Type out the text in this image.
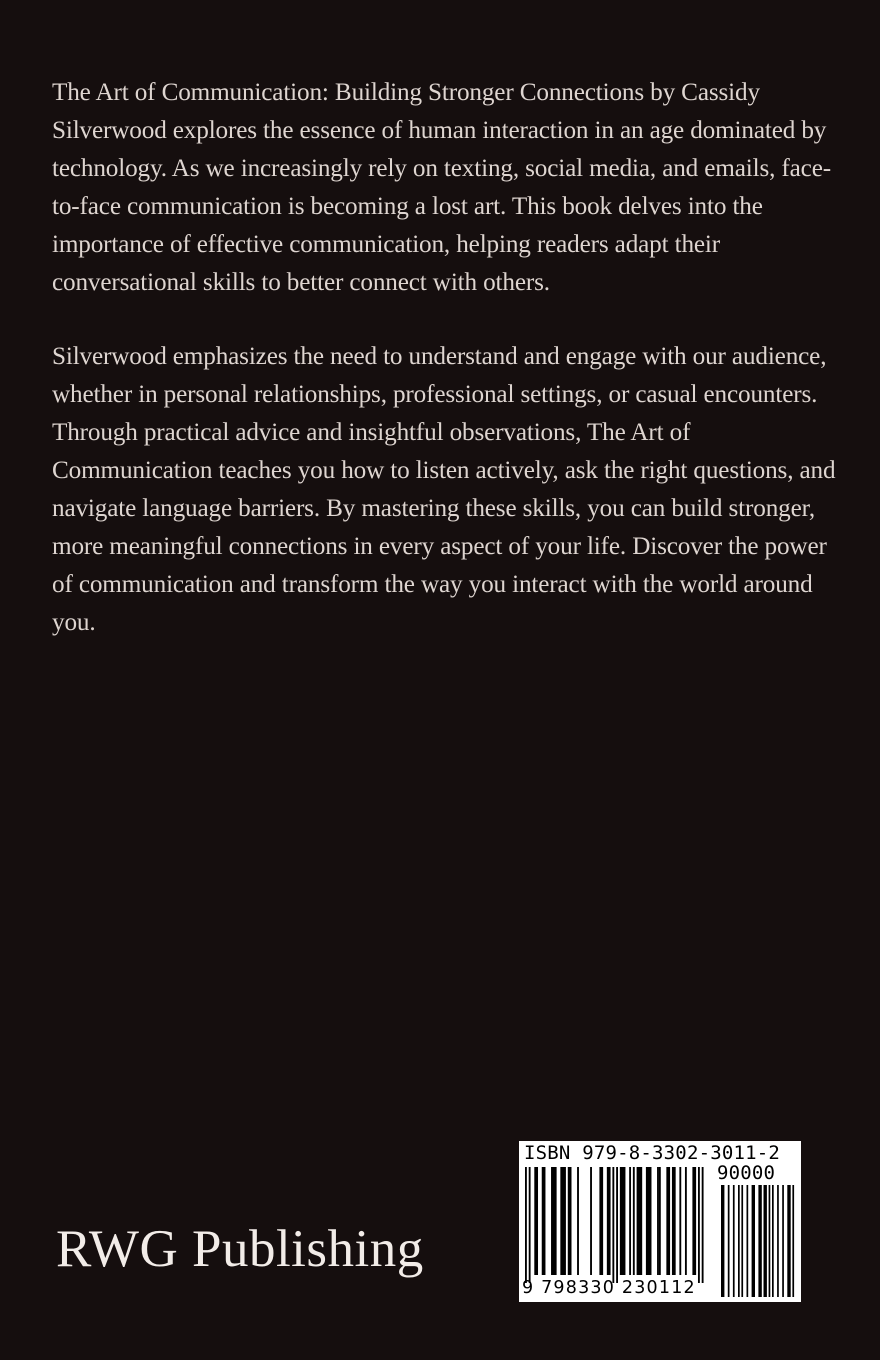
The Art of Communication: Building Stronger Connections by Cassidy Silverwood explores the essence of human interaction in an age dominated by technology. As we increasingly rely on texting, social media, and emails, face-to-face communication is becoming a lost art. This book delves into the importance of effective communication, helping readers adapt their conversational skills to better connect with others.

Silverwood emphasizes the need to understand and engage with our audience, whether in personal relationships, professional settings, or casual encounters. Through practical advice and insightful observations, The Art of Communication teaches you how to listen actively, ask the right questions, and navigate language barriers. By mastering these skills, you can build stronger, more meaningful connections in every aspect of your life. Discover the power of communication and transform the way you interact with the world around you.

RWG Publishing
ISBN 979-8-3302-3011-2
90000
9 798330 230112
